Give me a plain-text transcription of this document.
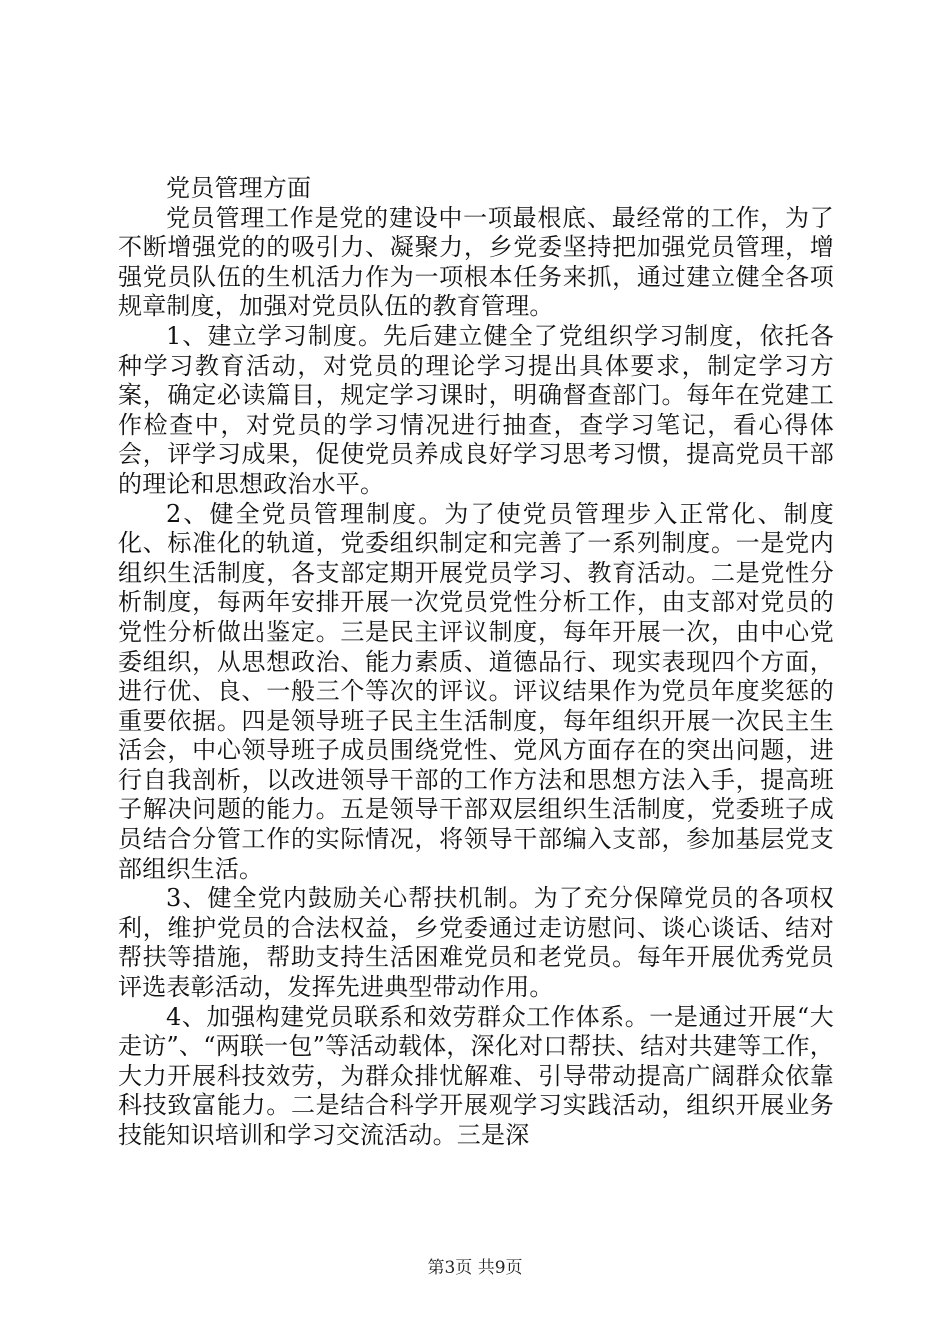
党员管理方面

党员管理工作是党的建设中一项最根底、最经常的工作，为了不断增强党的的吸引力、凝聚力，乡党委坚持把加强党员管理，增强党员队伍的生机活力作为一项根本任务来抓，通过建立健全各项规章制度，加强对党员队伍的教育管理。

1、建立学习制度。先后建立健全了党组织学习制度，依托各种学习教育活动，对党员的理论学习提出具体要求，制定学习方案，确定必读篇目，规定学习课时，明确督查部门。每年在党建工作检查中，对党员的学习情况进行抽查，查学习笔记，看心得体会，评学习成果，促使党员养成良好学习思考习惯，提高党员干部的理论和思想政治水平。

2、健全党员管理制度。为了使党员管理步入正常化、制度化、标准化的轨道，党委组织制定和完善了一系列制度。一是党内组织生活制度，各支部定期开展党员学习、教育活动。二是党性分析制度，每两年安排开展一次党员党性分析工作，由支部对党员的党性分析做出鉴定。三是民主评议制度，每年开展一次，由中心党委组织，从思想政治、能力素质、道德品行、现实表现四个方面，进行优、良、一般三个等次的评议。评议结果作为党员年度奖惩的重要依据。四是领导班子民主生活制度，每年组织开展一次民主生活会，中心领导班子成员围绕党性、党风方面存在的突出问题，进行自我剖析，以改进领导干部的工作方法和思想方法入手，提高班子解决问题的能力。五是领导干部双层组织生活制度，党委班子成员结合分管工作的实际情况，将领导干部编入支部，参加基层党支部组织生活。

3、健全党内鼓励关心帮扶机制。为了充分保障党员的各项权利，维护党员的合法权益，乡党委通过走访慰问、谈心谈话、结对帮扶等措施，帮助支持生活困难党员和老党员。每年开展优秀党员评选表彰活动，发挥先进典型带动作用。

4、加强构建党员联系和效劳群众工作体系。一是通过开展“大走访”、“两联一包”等活动载体，深化对口帮扶、结对共建等工作，大力开展科技效劳，为群众排忧解难、引导带动提高广阔群众依靠科技致富能力。二是结合科学开展观学习实践活动，组织开展业务技能知识培训和学习交流活动。三是深

第3页 共9页
